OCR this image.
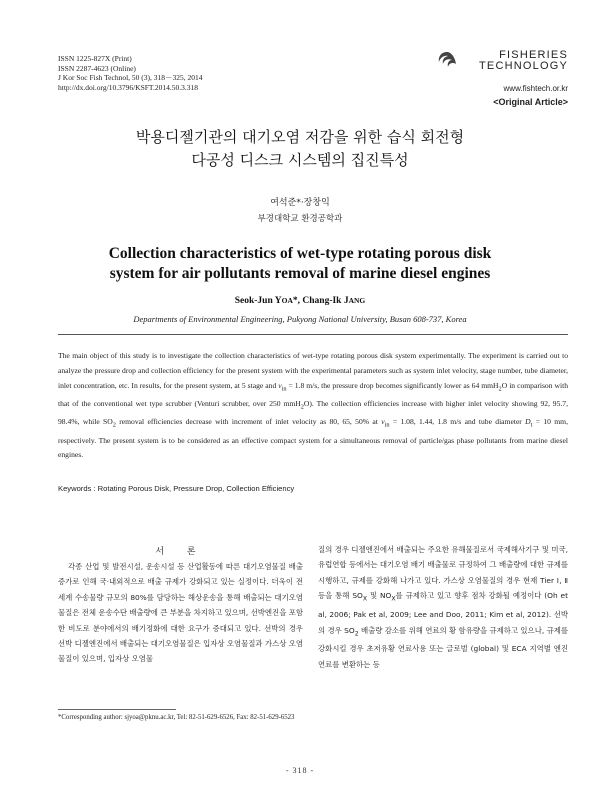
ISSN 1225-827X (Print)
ISSN 2287-4623 (Online)
J Kor Soc Fish Technol, 50 (3), 318－325, 2014
http://dx.doi.org/10.3796/KSFT.2014.50.3.318
FISHERIES
TECHNOLOGY
www.fishtech.or.kr
<Original Article>
박용디젤기관의 대기오염 저감을 위한 습식 회전형
다공성 디스크 시스템의 집진특성
여석준*·장창익
부경대학교 환경공학과
Collection characteristics of wet-type rotating porous disk
system for air pollutants removal of marine diesel engines
Seok-Jun YOA*, Chang-Ik JANG
Departments of Environmental Engineering, Pukyong National University, Busan 608-737, Korea
The main object of this study is to investigate the collection characteristics of wet-type rotating porous disk system experimentally. The experiment is carried out to analyze the pressure drop and collection efficiency for the present system with the experimental parameters such as system inlet velocity, stage number, tube diameter, inlet concentration, etc. In results, for the present system, at 5 stage and $v_{in} = 1.8$ m/s, the pressure drop becomes significantly lower as 64 mmH$_2$O in comparison with that of the conventional wet type scrubber (Venturi scrubber, over 250 mmH$_2$O). The collection efficiencies increase with higher inlet velocity showing 92, 95.7, 98.4%, while $SO_2$ removal efficiencies decrease with increment of inlet velocity as 80, 65, 50% at $v_{in} = 1.08$, 1.44, 1.8 m/s and tube diameter $D_t = 10$ mm, respectively. The present system is to be considered as an effective compact system for a simultaneous removal of particle/gas phase pollutants from marine diesel engines.
Keywords : Rotating Porous Disk, Pressure Drop, Collection Efficiency
서 론

각종 산업 및 발전시설, 운송시설 등 산업활동에 따른 대기오염물질 배출 증가로 인해 국·내외적으로 배출 규제가 강화되고 있는 실정이다. 더욱이 전 세계 수송물량 규모의 80%를 담당하는 해상운송을 통해 배출되는 대기오염물질은 전체 운송수단 배출량에 큰 부분을 차지하고 있으며, 선박엔진을 포함한 비도로 분야에서의 배기정화에 대한 요구가 증대되고 있다. 선박의 경우 선박 디젤엔진에서 배출되는 대기오염물질은 입자상 오염물질과 가스상 오염물질이 있으며, 입자상 오염물

질의 경우 디젤엔진에서 배출되는 주요한 유해물질로서 국제해사기구 및 미국, 유럽연합 등에서는 대기오염 배기 배출물로 규정하여 그 배출량에 대한 규제를 시행하고, 규제를 강화해 나가고 있다. 가스상 오염물질의 경우 현재 Tier Ⅰ, Ⅱ 등을 통해 $SO_X$ 및 $NO_X$를 규제하고 있고 향후 점차 강화될 예정이다 (Oh et al, 2006; Pak et al, 2009; Lee and Doo, 2011; Kim et al, 2012). 선박의 경우 $SO_2$ 배출량 감소를 위해 연료의 황 함유량을 규제하고 있으나, 규제를 강화시킬 경우 초저유황 연료사용 또는 글로벌 (global) 및 ECA 지역별 엔진 연료를 변환하는 등

*Corresponding author: sjyoa@pknu.ac.kr, Tel: 82-51-629-6526, Fax: 82-51-629-6523
- 318 -
